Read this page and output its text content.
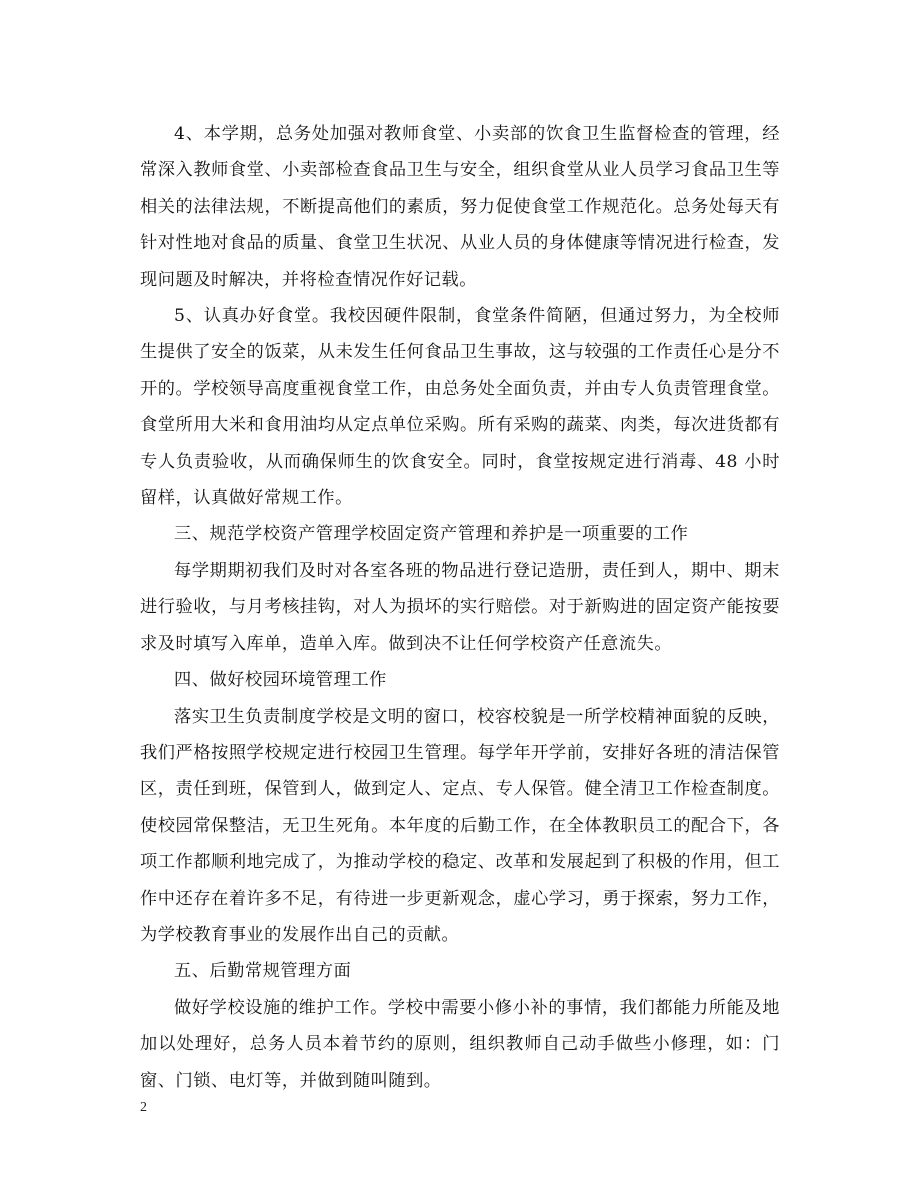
4、本学期，总务处加强对教师食堂、小卖部的饮食卫生监督检查的管理，经常深入教师食堂、小卖部检查食品卫生与安全，组织食堂从业人员学习食品卫生等相关的法律法规，不断提高他们的素质，努力促使食堂工作规范化。总务处每天有针对性地对食品的质量、食堂卫生状况、从业人员的身体健康等情况进行检查，发现问题及时解决，并将检查情况作好记载。

5、认真办好食堂。我校因硬件限制，食堂条件简陋，但通过努力，为全校师生提供了安全的饭菜，从未发生任何食品卫生事故，这与较强的工作责任心是分不开的。学校领导高度重视食堂工作，由总务处全面负责，并由专人负责管理食堂。食堂所用大米和食用油均从定点单位采购。所有采购的蔬菜、肉类，每次进货都有专人负责验收，从而确保师生的饮食安全。同时，食堂按规定进行消毒、48 小时留样，认真做好常规工作。

三、规范学校资产管理学校固定资产管理和养护是一项重要的工作

每学期期初我们及时对各室各班的物品进行登记造册，责任到人，期中、期末进行验收，与月考核挂钩，对人为损坏的实行赔偿。对于新购进的固定资产能按要求及时填写入库单，造单入库。做到决不让任何学校资产任意流失。

四、做好校园环境管理工作

落实卫生负责制度学校是文明的窗口，校容校貌是一所学校精神面貌的反映，我们严格按照学校规定进行校园卫生管理。每学年开学前，安排好各班的清洁保管区，责任到班，保管到人，做到定人、定点、专人保管。健全清卫工作检查制度。使校园常保整洁，无卫生死角。本年度的后勤工作，在全体教职员工的配合下，各项工作都顺利地完成了，为推动学校的稳定、改革和发展起到了积极的作用，但工作中还存在着许多不足，有待进一步更新观念，虚心学习，勇于探索，努力工作，为学校教育事业的发展作出自己的贡献。

五、后勤常规管理方面

做好学校设施的维护工作。学校中需要小修小补的事情，我们都能力所能及地加以处理好，总务人员本着节约的原则，组织教师自己动手做些小修理，如：门窗、门锁、电灯等，并做到随叫随到。

2
